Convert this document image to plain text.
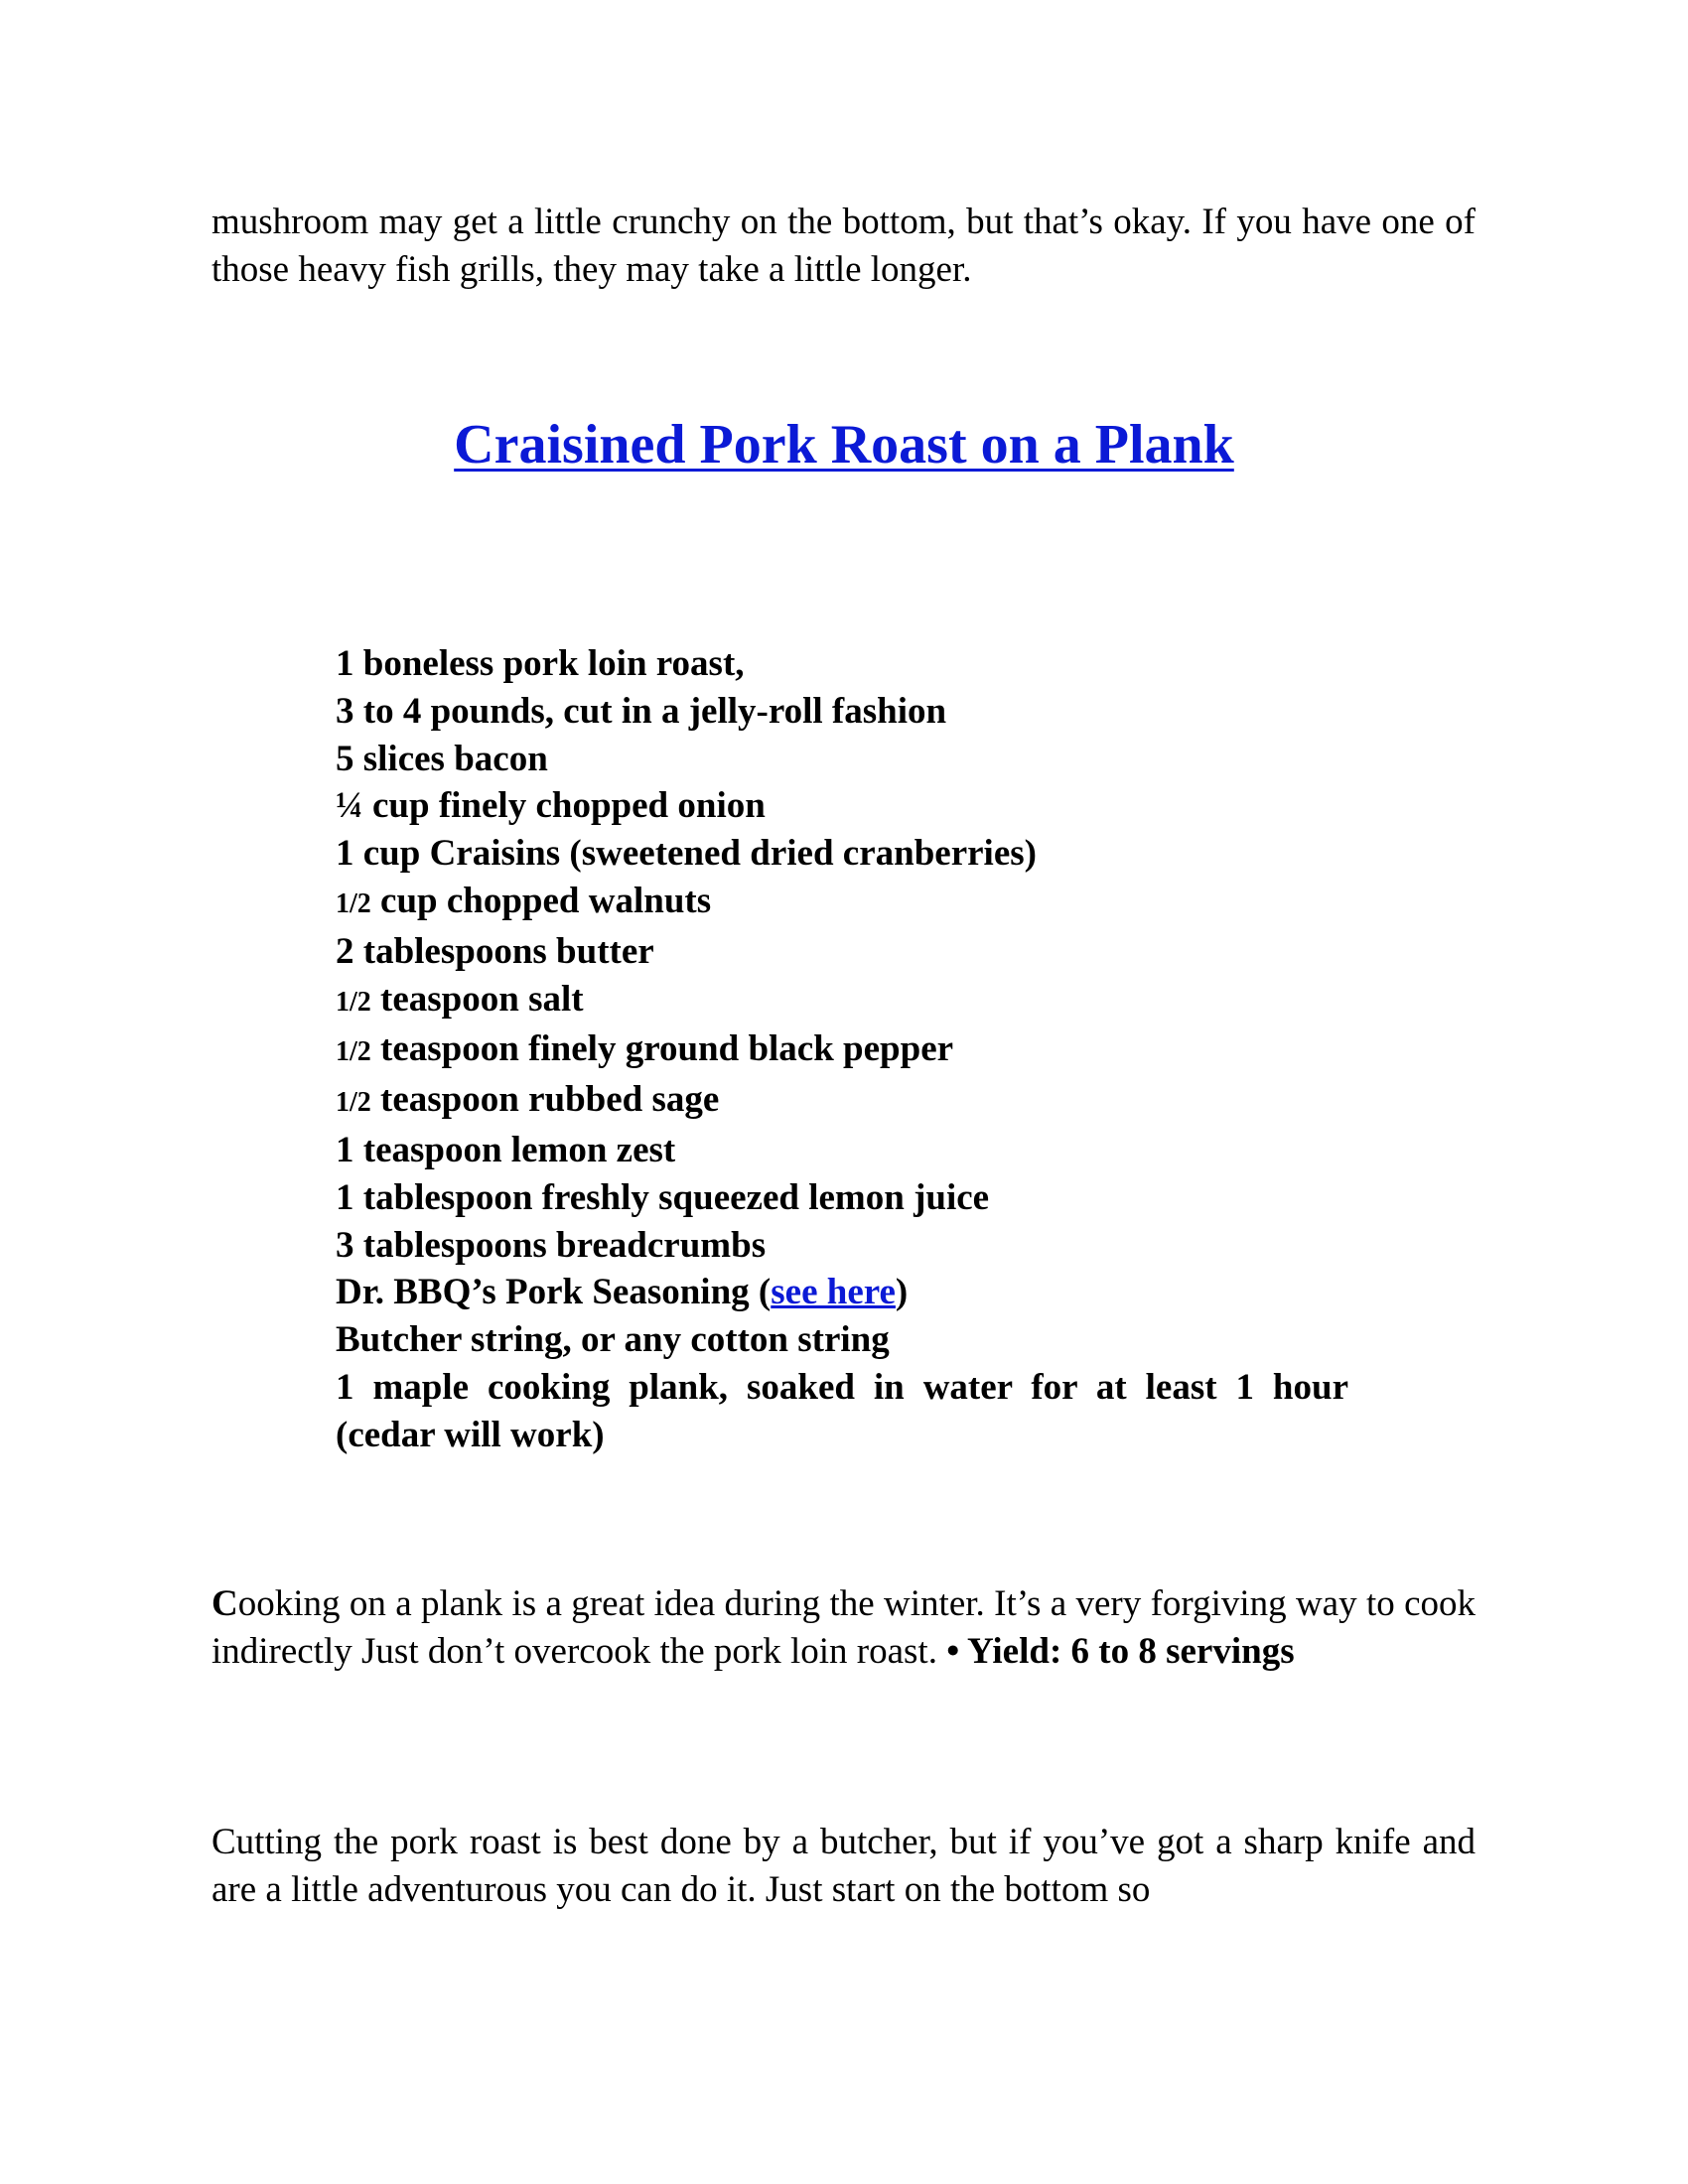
mushroom may get a little crunchy on the bottom, but that’s okay. If you have one of those heavy fish grills, they may take a little longer.

Craisined Pork Roast on a Plank
1 boneless pork loin roast,
3 to 4 pounds, cut in a jelly-roll fashion
5 slices bacon
¼ cup finely chopped onion
1 cup Craisins (sweetened dried cranberries)
1/2 cup chopped walnuts
2 tablespoons butter
1/2 teaspoon salt
1/2 teaspoon finely ground black pepper
1/2 teaspoon rubbed sage
1 teaspoon lemon zest
1 tablespoon freshly squeezed lemon juice
3 tablespoons breadcrumbs
Dr. BBQ’s Pork Seasoning (see here)
Butcher string, or any cotton string
1 maple cooking plank, soaked in water for at least 1 hour (cedar will work)

Cooking on a plank is a great idea during the winter. It’s a very forgiving way to cook indirectly Just don’t overcook the pork loin roast. • Yield: 6 to 8 servings

Cutting the pork roast is best done by a butcher, but if you’ve got a sharp knife and are a little adventurous you can do it. Just start on the bottom so
